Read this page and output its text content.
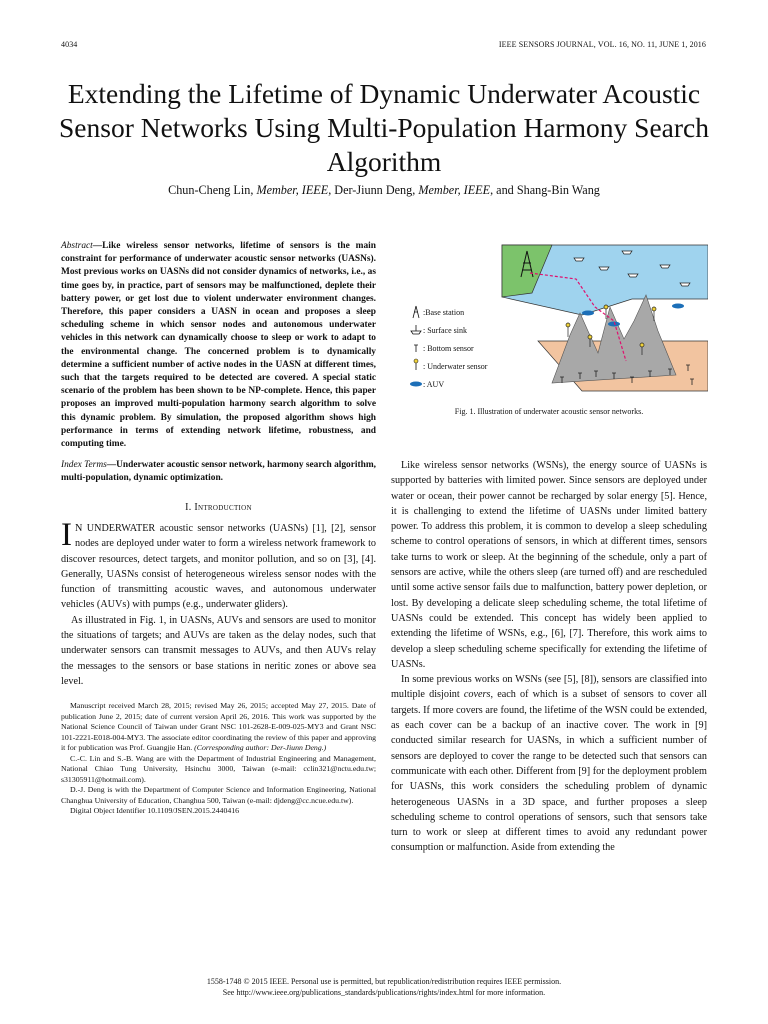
4034	IEEE SENSORS JOURNAL, VOL. 16, NO. 11, JUNE 1, 2016
Extending the Lifetime of Dynamic Underwater Acoustic Sensor Networks Using Multi-Population Harmony Search Algorithm
Chun-Cheng Lin, Member, IEEE, Der-Jiunn Deng, Member, IEEE, and Shang-Bin Wang

Abstract—Like wireless sensor networks, lifetime of sensors is the main constraint for performance of underwater acoustic sensor networks (UASNs). Most previous works on UASNs did not consider dynamics of networks, i.e., as time goes by, in practice, part of sensors may be malfunctioned, deplete their battery power, or get lost due to violent underwater environment changes. Therefore, this paper considers a UASN in ocean and proposes a sleep scheduling scheme in which sensor nodes and autonomous underwater vehicles in this network can dynamically choose to sleep or work to adapt to the environmental change. The concerned problem is to dynamically determine a sufficient number of active nodes in the UASN at different times, such that the targets required to be detected are covered. A special static scenario of the problem has been shown to be NP-complete. Hence, this paper proposes an improved multi-population harmony search algorithm to solve this dynamic problem. By simulation, the proposed algorithm shows high performance in terms of extending network lifetime, robustness, and computing time.

Index Terms—Underwater acoustic sensor network, harmony search algorithm, multi-population, dynamic optimization.

I. Introduction

I N UNDERWATER acoustic sensor networks (UASNs) [1], [2], sensor nodes are deployed under water to form a wireless network framework to discover resources, detect targets, and monitor pollution, and so on [3], [4]. Generally, UASNs consist of heterogeneous wireless sensor nodes with the function of transmitting acoustic waves, and autonomous underwater vehicles (AUVs) with pumps (e.g., underwater gliders).

As illustrated in Fig. 1, in UASNs, AUVs and sensors are used to monitor the situations of targets; and AUVs are taken as the delay nodes, such that underwater sensors can transmit messages to AUVs, and then AUVs relay the messages to the sensors or base stations in neritic zones or above sea level.

Manuscript received March 28, 2015; revised May 26, 2015; accepted May 27, 2015. Date of publication June 2, 2015; date of current version April 26, 2016. This work was supported by the National Science Council of Taiwan under Grant NSC 101-2628-E-009-025-MY3 and Grant NSC 101-2221-E018-004-MY3. The associate editor coordinating the review of this paper and approving it for publication was Prof. Guangjie Han. (Corresponding author: Der-Jiunn Deng.)

C.-C. Lin and S.-B. Wang are with the Department of Industrial Engineering and Management, National Chiao Tung University, Hsinchu 3000, Taiwan (e-mail: cclin321@nctu.edu.tw; s31305911@hotmail.com).

D.-J. Deng is with the Department of Computer Science and Information Engineering, National Changhua University of Education, Changhua 500, Taiwan (e-mail: djdeng@cc.ncue.edu.tw).

Digital Object Identifier 10.1109/JSEN.2015.2440416

:Base station
: Surface sink
: Bottom sensor
: Underwater sensor
: AUV
Fig. 1. Illustration of underwater acoustic sensor networks.

Like wireless sensor networks (WSNs), the energy source of UASNs is supported by batteries with limited power. Since sensors are deployed under water or ocean, their power cannot be recharged by solar energy [5]. Hence, it is challenging to extend the lifetime of UASNs under limited battery power. To address this problem, it is common to develop a sleep scheduling scheme to control operations of sensors, in which at different times, sensors take turns to work or sleep. At the beginning of the schedule, only a part of sensors are active, while the others sleep (are turned off) and are rescheduled until some active sensor fails due to malfunction, battery power depletion, or lost. By developing a delicate sleep scheduling scheme, the total lifetime of UASNs could be extended. This concept has widely been applied to extending the lifetime of WSNs, e.g., [6], [7]. Therefore, this work aims to develop a sleep scheduling scheme specifically for extending the lifetime of UASNs.

In some previous works on WSNs (see [5], [8]), sensors are classified into multiple disjoint covers, each of which is a subset of sensors to cover all targets. If more covers are found, the lifetime of the WSN could be extended, as each cover can be a backup of an inactive cover. The work in [9] conducted similar research for UASNs, in which a sufficient number of sensors are deployed to cover the range to be detected such that sensors can communicate with each other. Different from [9] for the deployment problem for UASNs, this work considers the scheduling problem of dynamic heterogeneous UASNs in a 3D space, and further proposes a sleep scheduling scheme to control operations of sensors, such that sensors take turn to work or sleep at different times to avoid any redundant power consumption or malfunction. Aside from extending the

1558-1748 © 2015 IEEE. Personal use is permitted, but republication/redistribution requires IEEE permission.
See http://www.ieee.org/publications_standards/publications/rights/index.html for more information.
